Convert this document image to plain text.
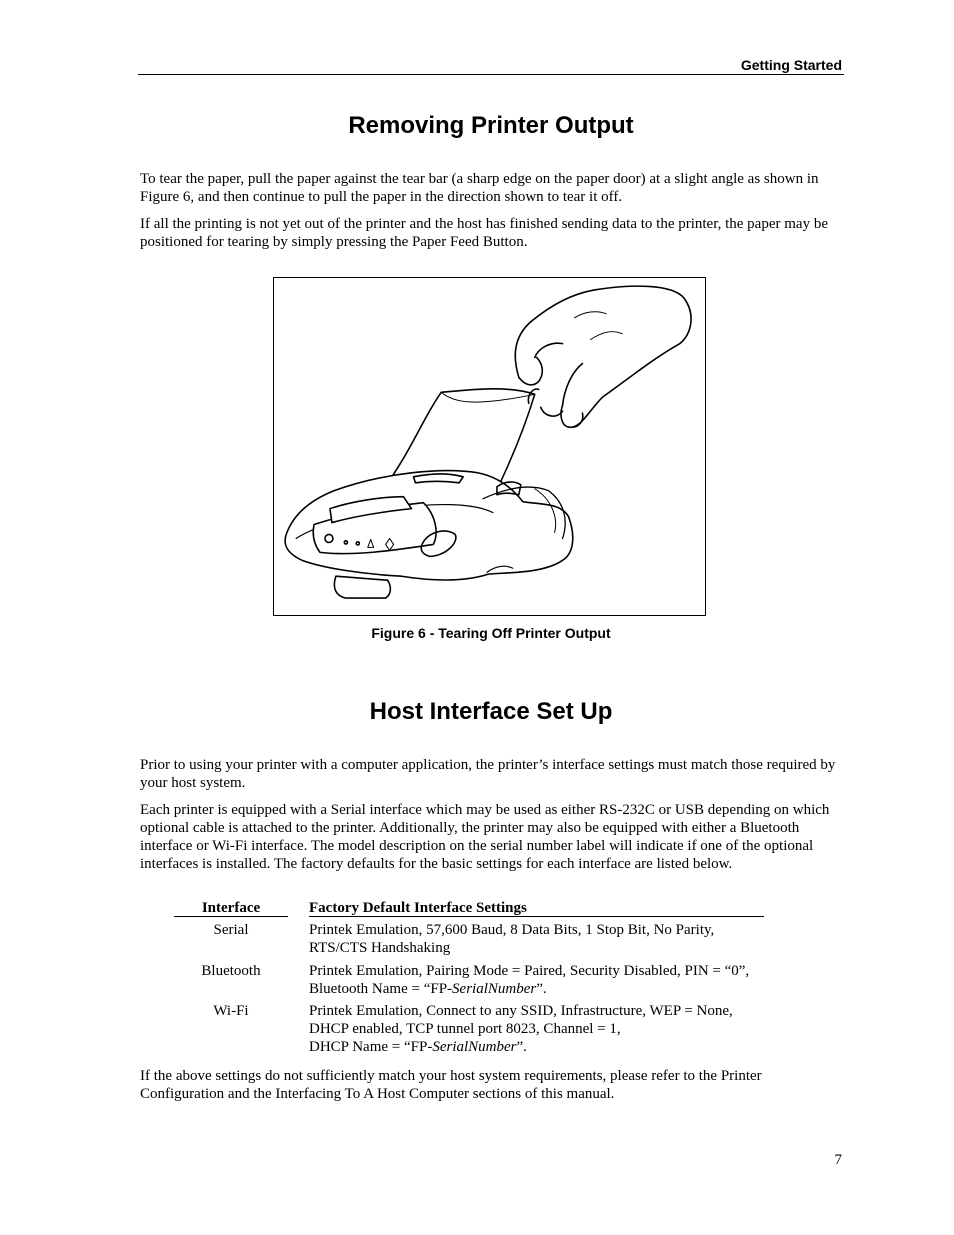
Getting Started
Removing Printer Output

To tear the paper, pull the paper against the tear bar (a sharp edge on the paper door) at a slight angle as shown in Figure 6, and then continue to pull the paper in the direction shown to tear it off.

If all the printing is not yet out of the printer and the host has finished sending data to the printer, the paper may be positioned for tearing by simply pressing the Paper Feed Button.

Figure 6 - Tearing Off Printer Output
Host Interface Set Up

Prior to using your printer with a computer application, the printer’s interface settings must match those required by your host system.

Each printer is equipped with a Serial interface which may be used as either RS-232C or USB depending on which optional cable is attached to the printer. Additionally, the printer may also be equipped with either a Bluetooth interface or Wi-Fi interface. The model description on the serial number label will indicate if one of the optional interfaces is installed. The factory defaults for the basic settings for each interface are listed below.

Interface	Factory Default Interface Settings
Serial	Printek Emulation, 57,600 Baud, 8 Data Bits, 1 Stop Bit, No Parity,
RTS/CTS Handshaking
Bluetooth	Printek Emulation, Pairing Mode = Paired, Security Disabled, PIN = “0”,
Bluetooth Name = “FP-SerialNumber”.
Wi-Fi	Printek Emulation, Connect to any SSID, Infrastructure, WEP = None,
DHCP enabled, TCP tunnel port 8023, Channel = 1,
DHCP Name = “FP-SerialNumber”.

If the above settings do not sufficiently match your host system requirements, please refer to the Printer Configuration and the Interfacing To A Host Computer sections of this manual.

7
